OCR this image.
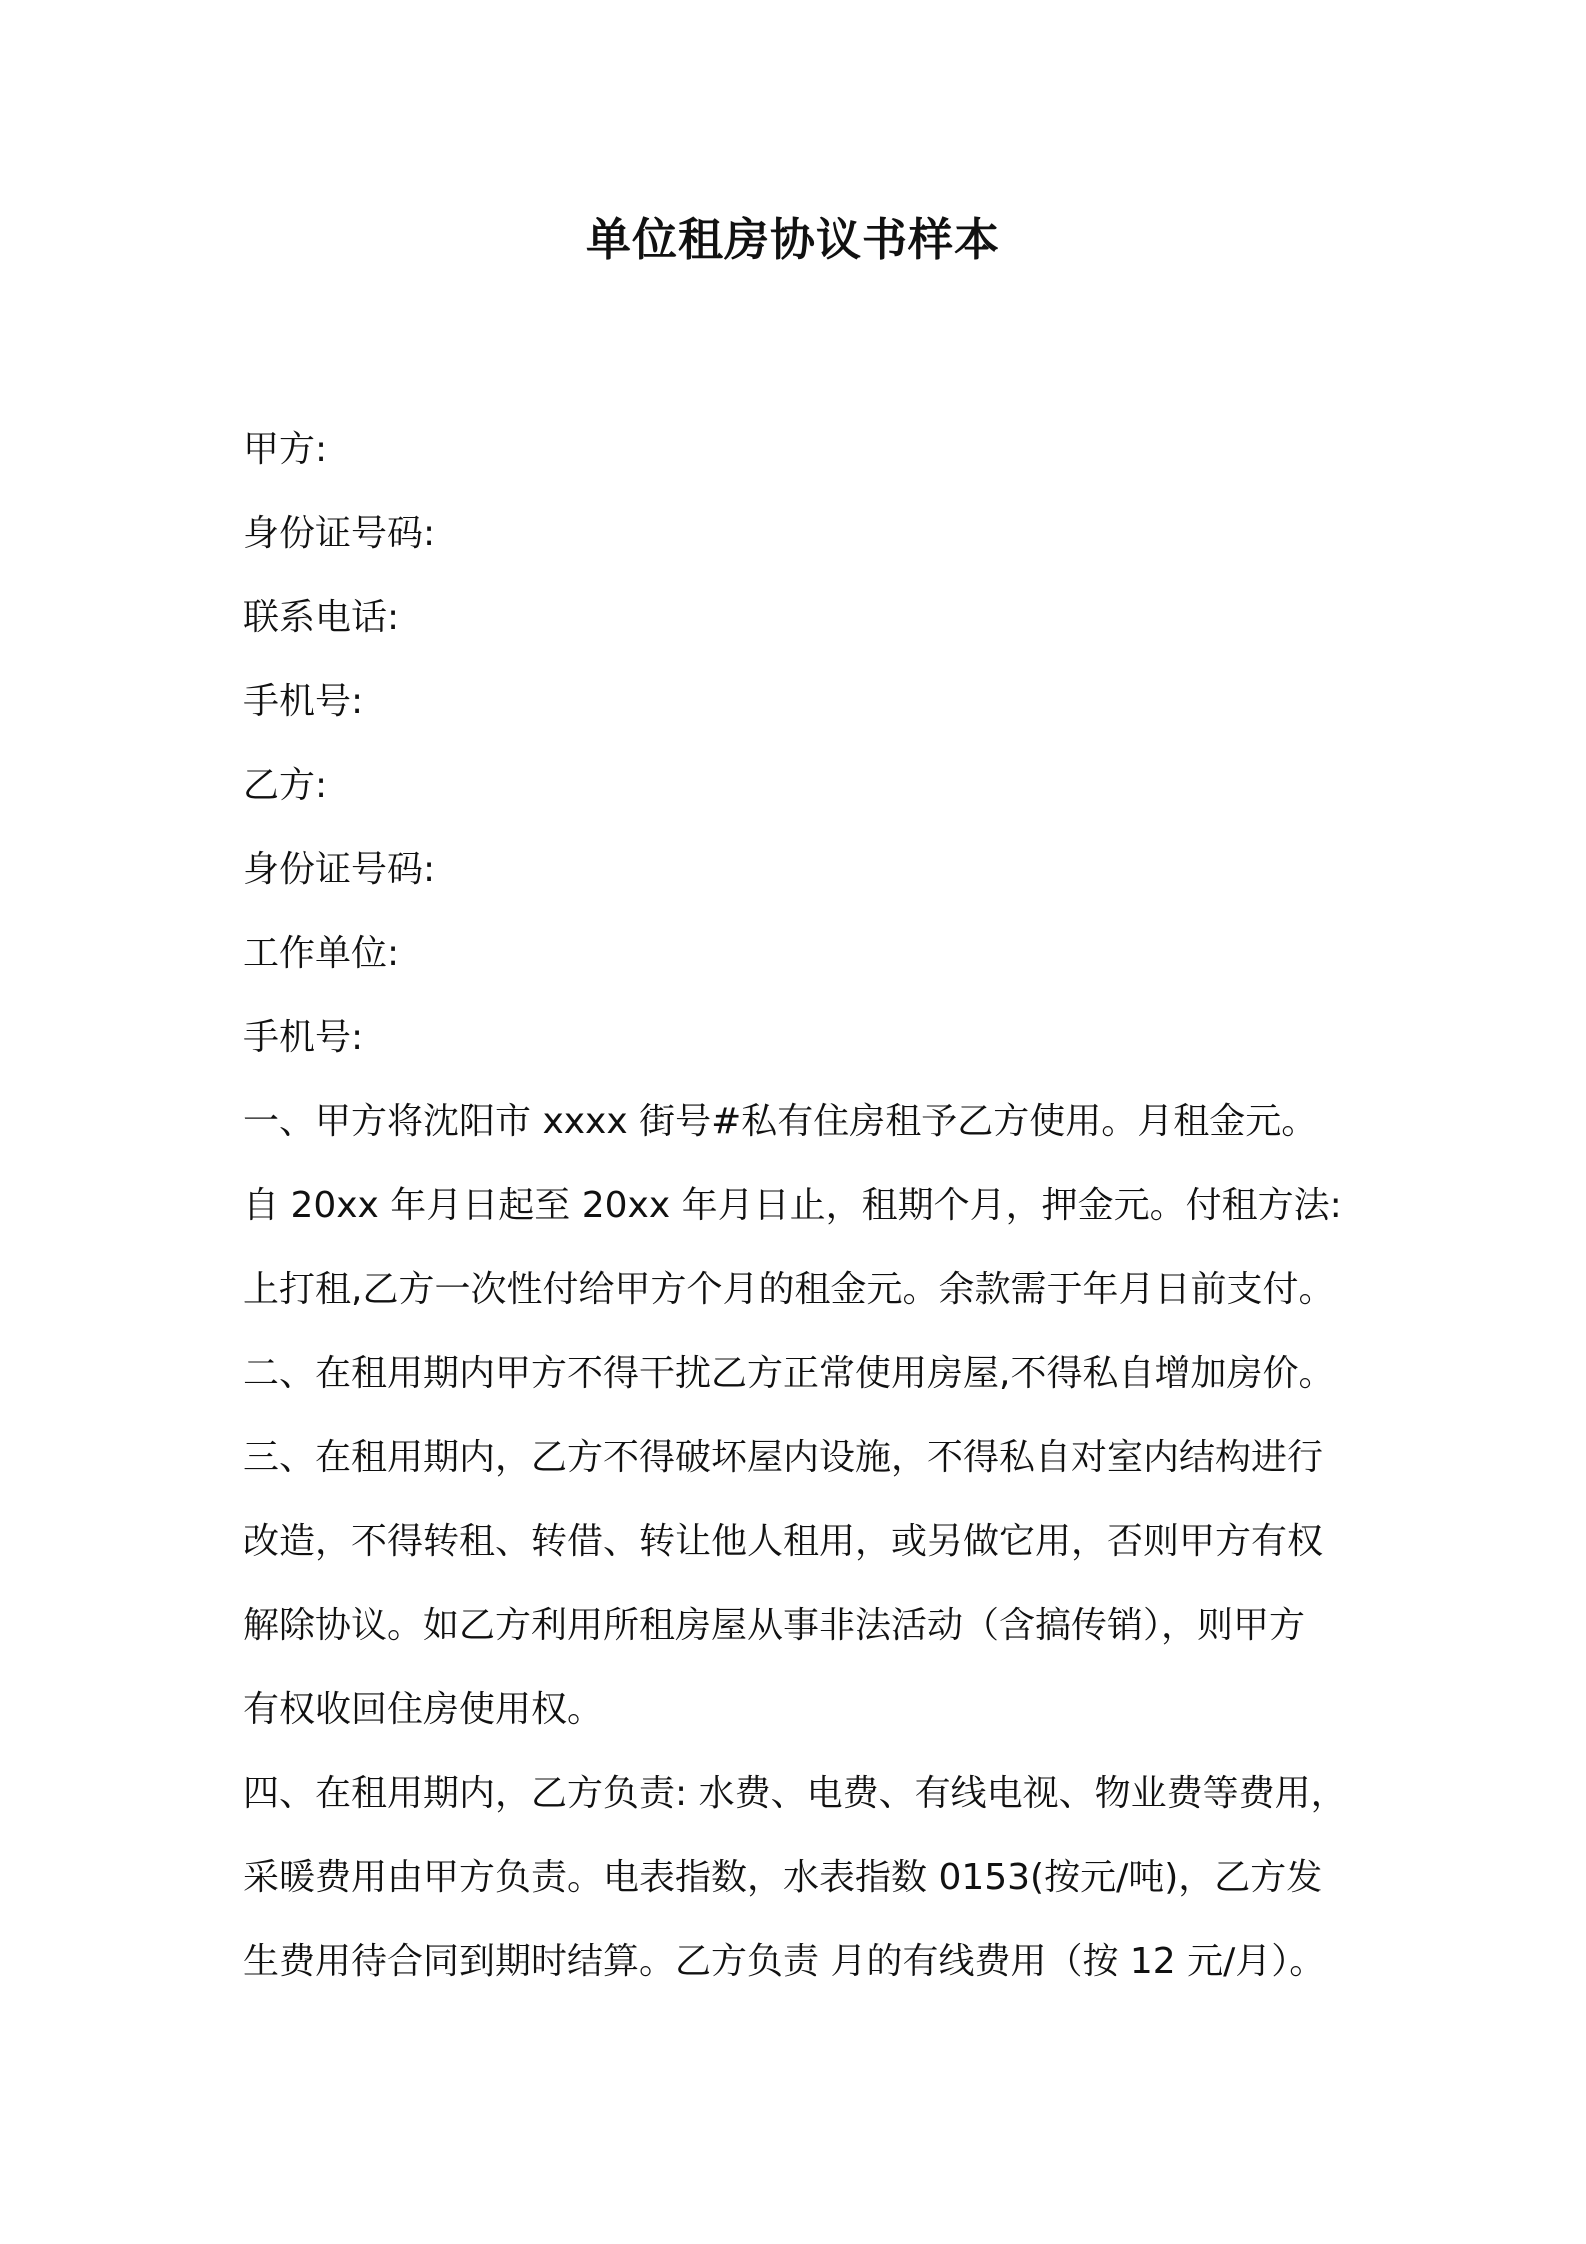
单位租房协议书样本

甲方:

身份证号码:

联系电话:

手机号:

乙方:

身份证号码:

工作单位:

手机号:

一、甲方将沈阳市 xxxx 街号#私有住房租予乙方使用。月租金元。

自 20xx 年月日起至 20xx 年月日止，租期个月，押金元。付租方法:

上打租,乙方一次性付给甲方个月的租金元。余款需于年月日前支付。

二、在租用期内甲方不得干扰乙方正常使用房屋,不得私自增加房价。

三、在租用期内，乙方不得破坏屋内设施，不得私自对室内结构进行

改造，不得转租、转借、转让他人租用，或另做它用，否则甲方有权

解除协议。如乙方利用所租房屋从事非法活动（含搞传销），则甲方

有权收回住房使用权。

四、在租用期内，乙方负责: 水费、电费、有线电视、物业费等费用，

采暖费用由甲方负责。电表指数，水表指数 0153(按元/吨)，乙方发

生费用待合同到期时结算。乙方负责 月的有线费用（按 12 元/月）。
